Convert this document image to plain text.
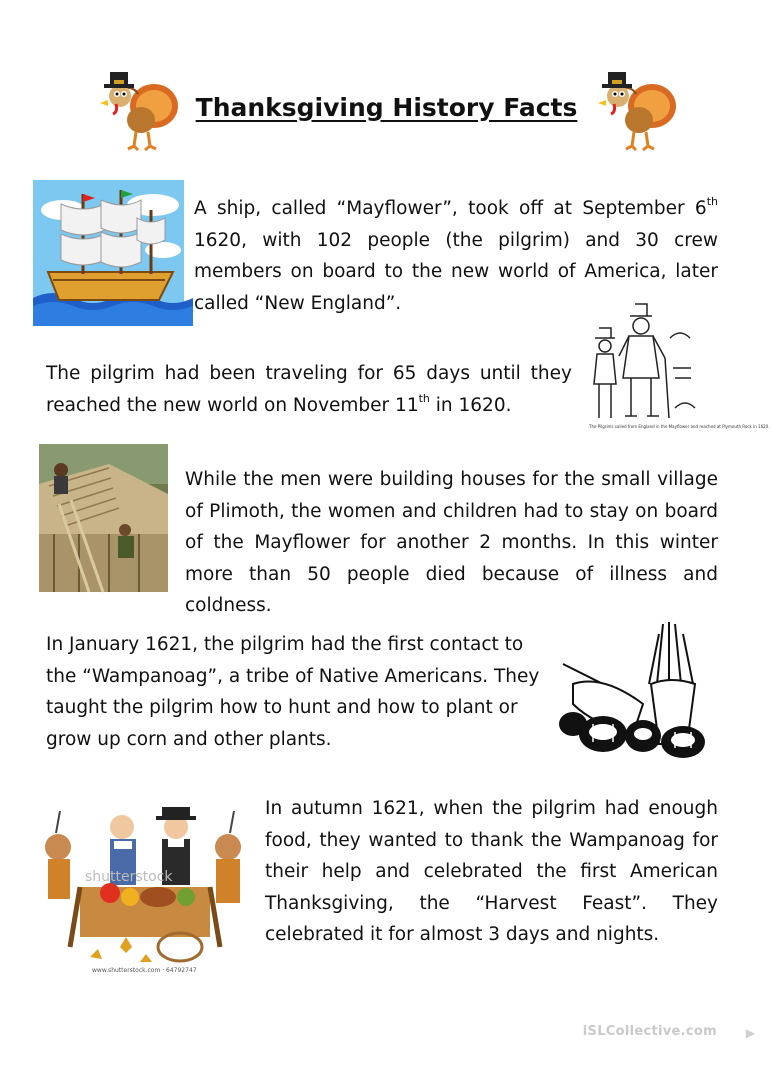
Thanksgiving History Facts

A ship, called “Mayflower”, took off at September 6th 1620, with 102 people (the pilgrim) and 30 crew members on board to the new world of America, later called “New England”.

The Pilgrims sailed from England in the Mayflower and reached at Plymouth Rock in 1620.

The pilgrim had been traveling for 65 days until they reached the new world on November 11th in 1620.

While the men were building houses for the small village of Plimoth, the women and children had to stay on board of the Mayflower for another 2 months. In this winter more than 50 people died because of illness and coldness.

In January 1621, the pilgrim had the first contact to
the “Wampanoag”, a tribe of Native Americans. They
taught the pilgrim how to hunt and how to plant or
grow up corn and other plants.

shutterstock
www.shutterstock.com · 64792747

In autumn 1621, when the pilgrim had enough food, they wanted to thank the Wampanoag for their help and celebrated the first American Thanksgiving, the “Harvest Feast”. They celebrated it for almost 3 days and nights.

iSLCollective.com ▶
